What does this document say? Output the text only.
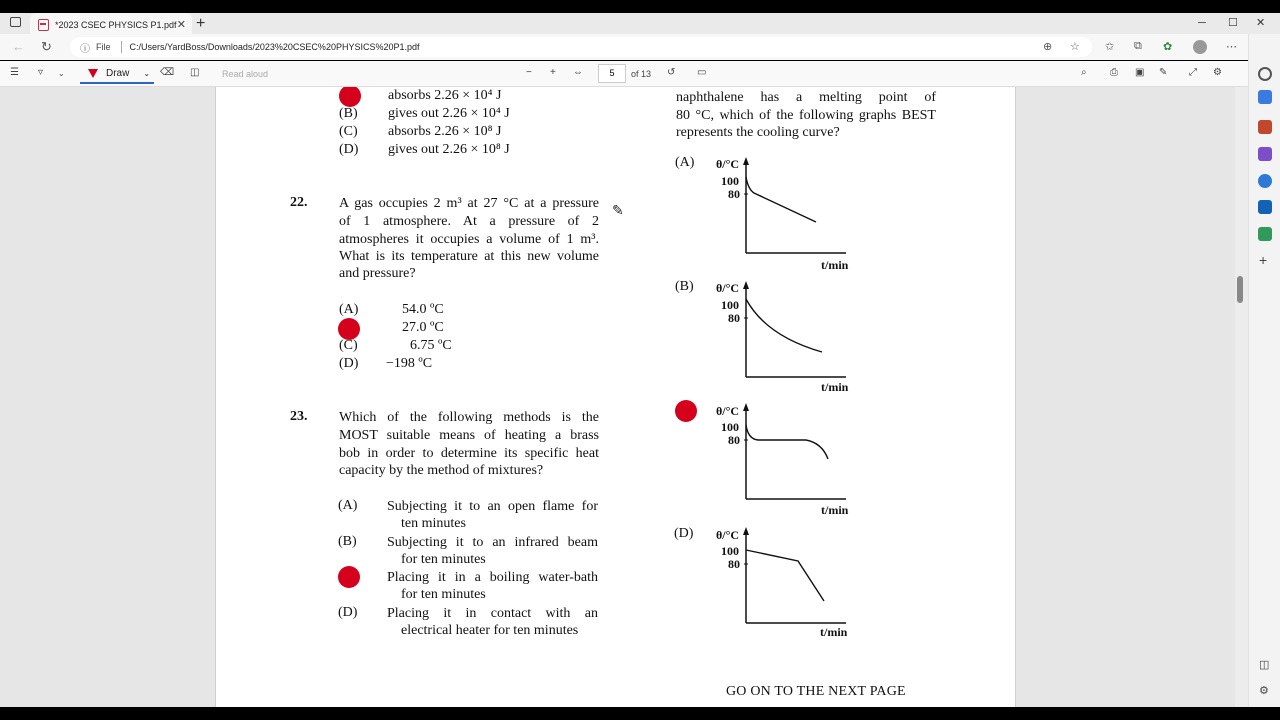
*2023 CSEC PHYSICS P1.pdf ✕ +	─ ☐ ✕
← ↻	ⓘ File C:/Users/YardBoss/Downloads/2023%20CSEC%20PHYSICS%20P1.pdf	⊕ ☆ ✩ ⧉ ✿	⋯
☰ ▿ ⌄	Draw ⌄ ⌫ ◫	Read aloud	− + ⇔	5	of 13 ↺ ▭	⌕ ⎙ ▣ ✎ ⤢ ⚙
+
◫
⚙
absorbs 2.26 × 10⁴ J
(B) gives out 2.26 × 10⁴ J
(C) absorbs 2.26 × 10⁸ J
(D) gives out 2.26 × 10⁸ J
22. A gas occupies 2 m³ at 27 °C at a pressure
of 1 atmosphere. At a pressure of 2
atmospheres it occupies a volume of 1 m³.
What is its temperature at this new volume
and pressure?
(A)	54.0 ºC
27.0 ºC
(C)	6.75 ºC
(D) −198 ºC
23. Which of the following methods is the
MOST suitable means of heating a brass
bob in order to determine its specific heat
capacity by the method of mixtures?
(A) Subjecting it to an open flame for
ten minutes
(B) Subjecting it to an infrared beam
for ten minutes
Placing it in a boiling water-bath
for ten minutes
(D) Placing it in contact with an
electrical heater for ten minutes
✎
naphthalene has a melting point of
80 °C, which of the following graphs BEST
represents the cooling curve?
(A) θ/°C
100
80
t/min
(B) θ/°C
100
80
t/min
θ/°C
100
80
t/min
(D) θ/°C
100
80
t/min
GO ON TO THE NEXT PAGE
